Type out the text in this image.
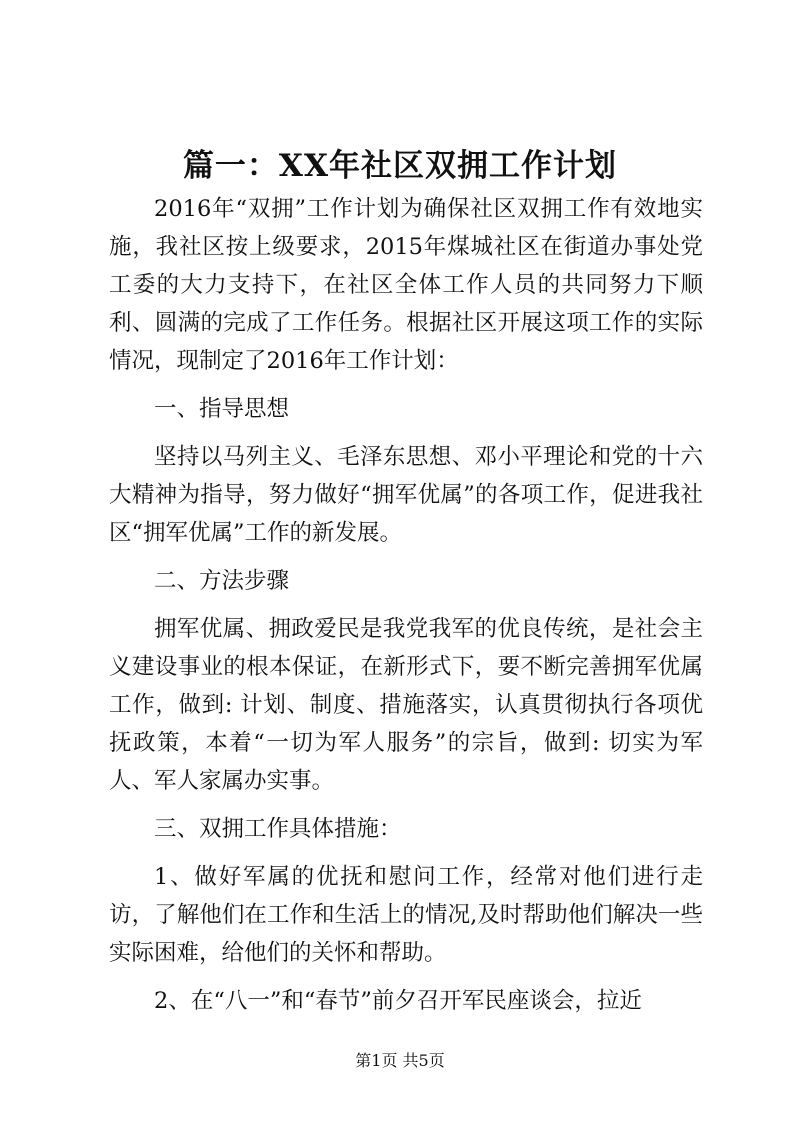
篇一：XX年社区双拥工作计划

2016年“双拥”工作计划为确保社区双拥工作有效地实施，我社区按上级要求，2015年煤城社区在街道办事处党工委的大力支持下，在社区全体工作人员的共同努力下顺利、圆满的完成了工作任务。根据社区开展这项工作的实际情况，现制定了2016年工作计划：

一、指导思想

坚持以马列主义、毛泽东思想、邓小平理论和党的十六大精神为指导，努力做好“拥军优属”的各项工作，促进我社区“拥军优属”工作的新发展。

二、方法步骤

拥军优属、拥政爱民是我党我军的优良传统，是社会主义建设事业的根本保证，在新形式下，要不断完善拥军优属工作，做到: 计划、制度、措施落实，认真贯彻执行各项优抚政策，本着“一切为军人服务”的宗旨，做到: 切实为军人、军人家属办实事。

三、双拥工作具体措施：

1、做好军属的优抚和慰问工作，经常对他们进行走访，了解他们在工作和生活上的情况,及时帮助他们解决一些实际困难，给他们的关怀和帮助。

2、在“八一”和“春节”前夕召开军民座谈会，拉近

第1页 共5页
